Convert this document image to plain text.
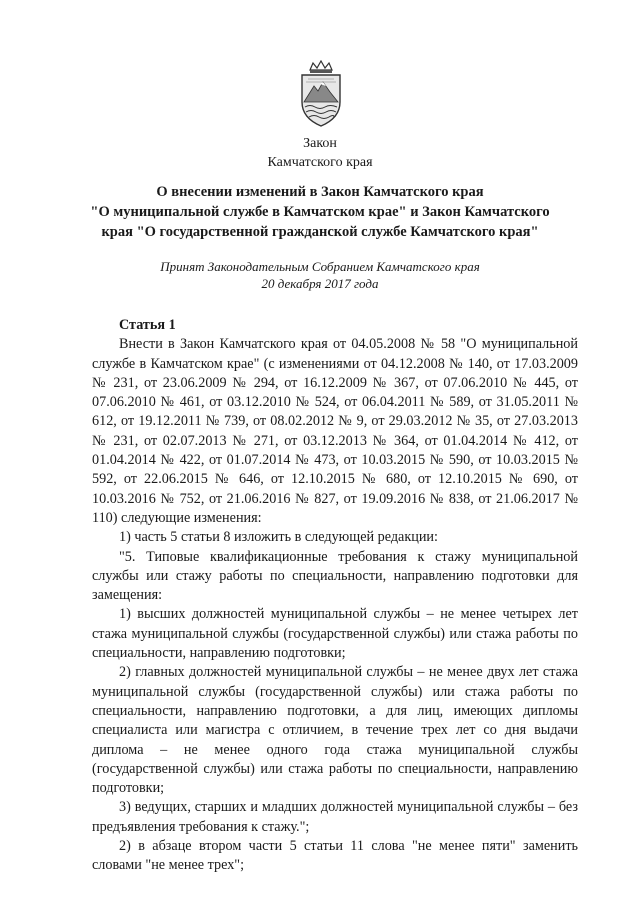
Закон
Камчатского края
О внесении изменений в Закон Камчатского края
"О муниципальной службе в Камчатском крае" и Закон Камчатского
края "О государственной гражданской службе Камчатского края"
Принят Законодательным Собранием Камчатского края
20 декабря 2017 года
Статья 1

Внести в Закон Камчатского края от 04.05.2008 № 58 "О муниципальной службе в Камчатском крае" (с изменениями от 04.12.2008 № 140, от 17.03.2009 № 231, от 23.06.2009 № 294, от 16.12.2009 № 367, от 07.06.2010 № 445, от 07.06.2010 № 461, от 03.12.2010 № 524, от 06.04.2011 № 589, от 31.05.2011 № 612, от 19.12.2011 № 739, от 08.02.2012 № 9, от 29.03.2012 № 35, от 27.03.2013 № 231, от 02.07.2013 № 271, от 03.12.2013 № 364, от 01.04.2014 № 412, от 01.04.2014 № 422, от 01.07.2014 № 473, от 10.03.2015 № 590, от 10.03.2015 № 592, от 22.06.2015 № 646, от 12.10.2015 № 680, от 12.10.2015 № 690, от 10.03.2016 № 752, от 21.06.2016 № 827, от 19.09.2016 № 838, от 21.06.2017 № 110) следующие изменения:

1) часть 5 статьи 8 изложить в следующей редакции:

"5. Типовые квалификационные требования к стажу муниципальной службы или стажу работы по специальности, направлению подготовки для замещения:

1) высших должностей муниципальной службы – не менее четырех лет стажа муниципальной службы (государственной службы) или стажа работы по специальности, направлению подготовки;

2) главных должностей муниципальной службы – не менее двух лет стажа муниципальной службы (государственной службы) или стажа работы по специальности, направлению подготовки, а для лиц, имеющих дипломы специалиста или магистра с отличием, в течение трех лет со дня выдачи диплома – не менее одного года стажа муниципальной службы (государственной службы) или стажа работы по специальности, направлению подготовки;

3) ведущих, старших и младших должностей муниципальной службы – без предъявления требования к стажу.";

2) в абзаце втором части 5 статьи 11 слова "не менее пяти" заменить словами "не менее трех";
